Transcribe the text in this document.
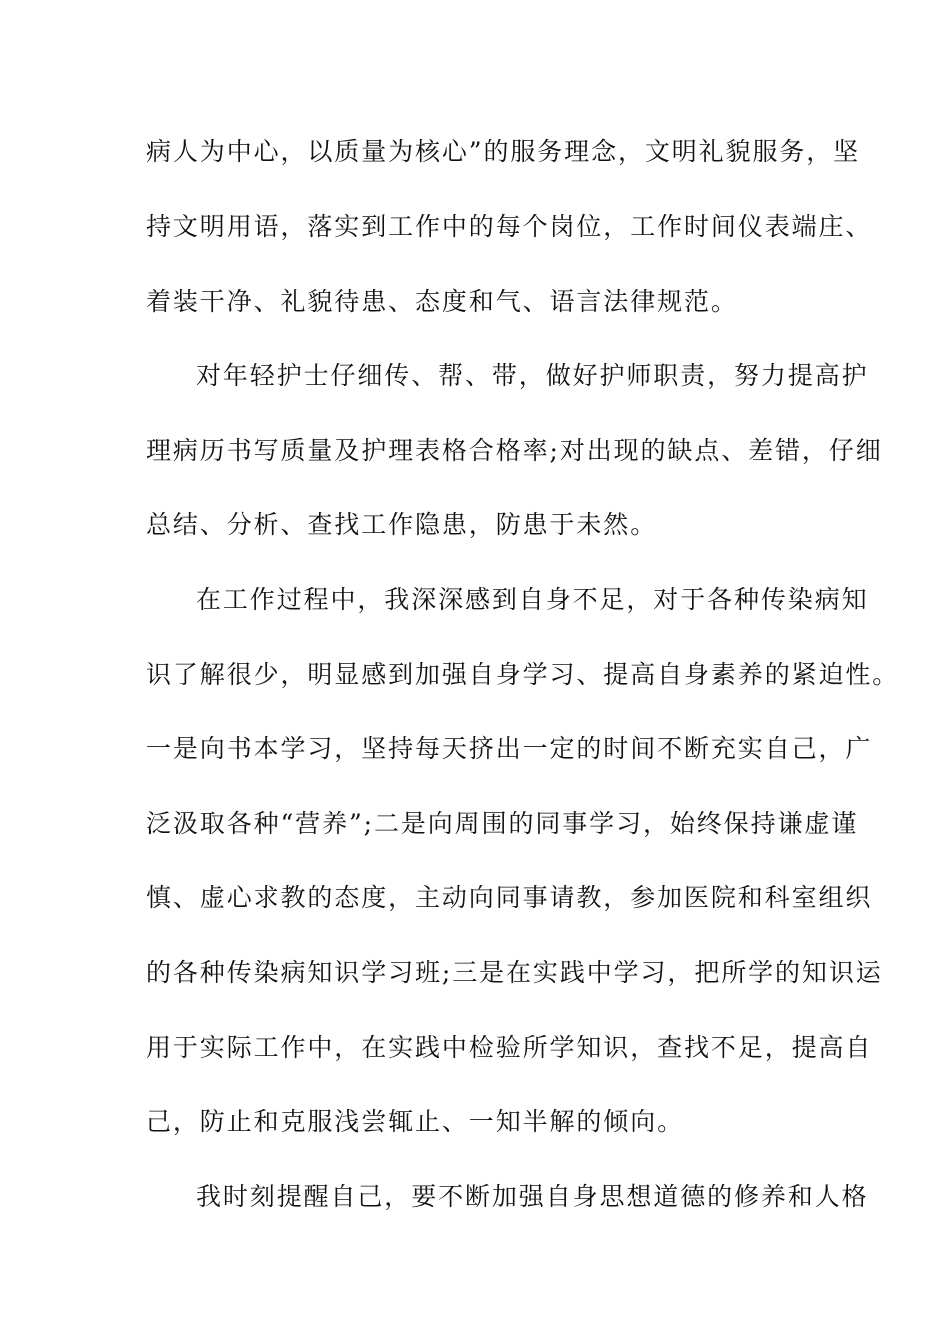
病人为中心，以质量为核心”的服务理念，文明礼貌服务，坚
持文明用语，落实到工作中的每个岗位，工作时间仪表端庄、
着装干净、礼貌待患、态度和气、语言法律规范。
对年轻护士仔细传、帮、带，做好护师职责，努力提高护
理病历书写质量及护理表格合格率;对出现的缺点、差错，仔细
总结、分析、查找工作隐患，防患于未然。
在工作过程中，我深深感到自身不足，对于各种传染病知
识了解很少，明显感到加强自身学习、提高自身素养的紧迫性。
一是向书本学习，坚持每天挤出一定的时间不断充实自己，广
泛汲取各种“营养”;二是向周围的同事学习，始终保持谦虚谨
慎、虚心求教的态度，主动向同事请教，参加医院和科室组织
的各种传染病知识学习班;三是在实践中学习，把所学的知识运
用于实际工作中，在实践中检验所学知识，查找不足，提高自
己，防止和克服浅尝辄止、一知半解的倾向。
我时刻提醒自己，要不断加强自身思想道德的修养和人格
